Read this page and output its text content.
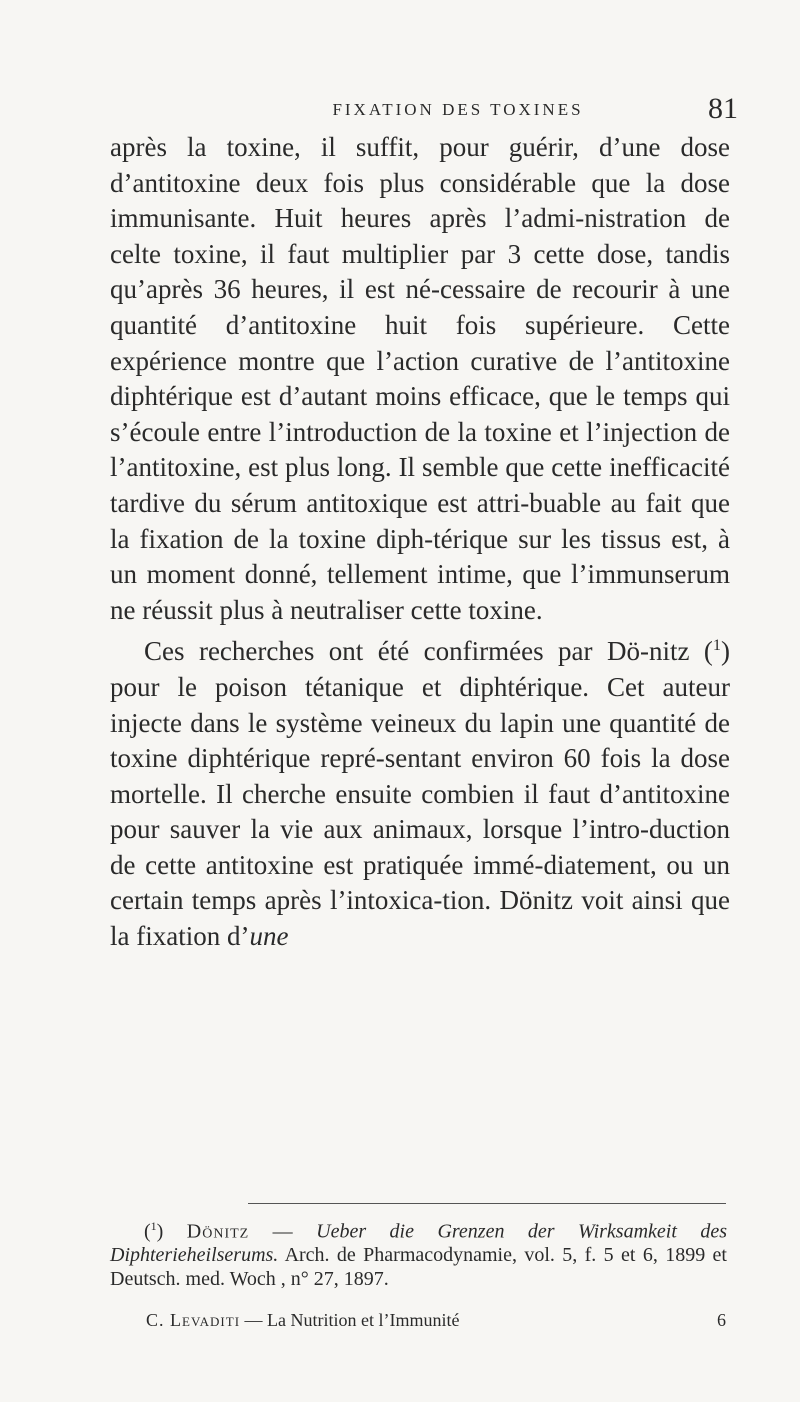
FIXATION DES TOXINES	81

après la toxine, il suffit, pour guérir, d’une dose d’antitoxine deux fois plus considérable que la dose immunisante. Huit heures après l’admi-nistration de celte toxine, il faut multiplier par 3 cette dose, tandis qu’après 36 heures, il est né-cessaire de recourir à une quantité d’antitoxine huit fois supérieure. Cette expérience montre que l’action curative de l’antitoxine diphtérique est d’autant moins efficace, que le temps qui s’écoule entre l’introduction de la toxine et l’injection de l’antitoxine, est plus long. Il semble que cette inefficacité tardive du sérum antitoxique est attri-buable au fait que la fixation de la toxine diph-térique sur les tissus est, à un moment donné, tellement intime, que l’immunserum ne réussit plus à neutraliser cette toxine.

Ces recherches ont été confirmées par Dö-nitz ($^1$) pour le poison tétanique et diphtérique. Cet auteur injecte dans le système veineux du lapin une quantité de toxine diphtérique repré-sentant environ 60 fois la dose mortelle. Il cherche ensuite combien il faut d’antitoxine pour sauver la vie aux animaux, lorsque l’intro-duction de cette antitoxine est pratiquée immé-diatement, ou un certain temps après l’intoxica-tion. Dönitz voit ainsi que la fixation d’une

($^1$) Dönitz — Ueber die Grenzen der Wirksamkeit des Diphterieheilserums. Arch. de Pharmacodynamie, vol. 5, f. 5 et 6, 1899 et Deutsch. med. Woch , n° 27, 1897.

C. Levaditi — La Nutrition et l’Immunité	6
